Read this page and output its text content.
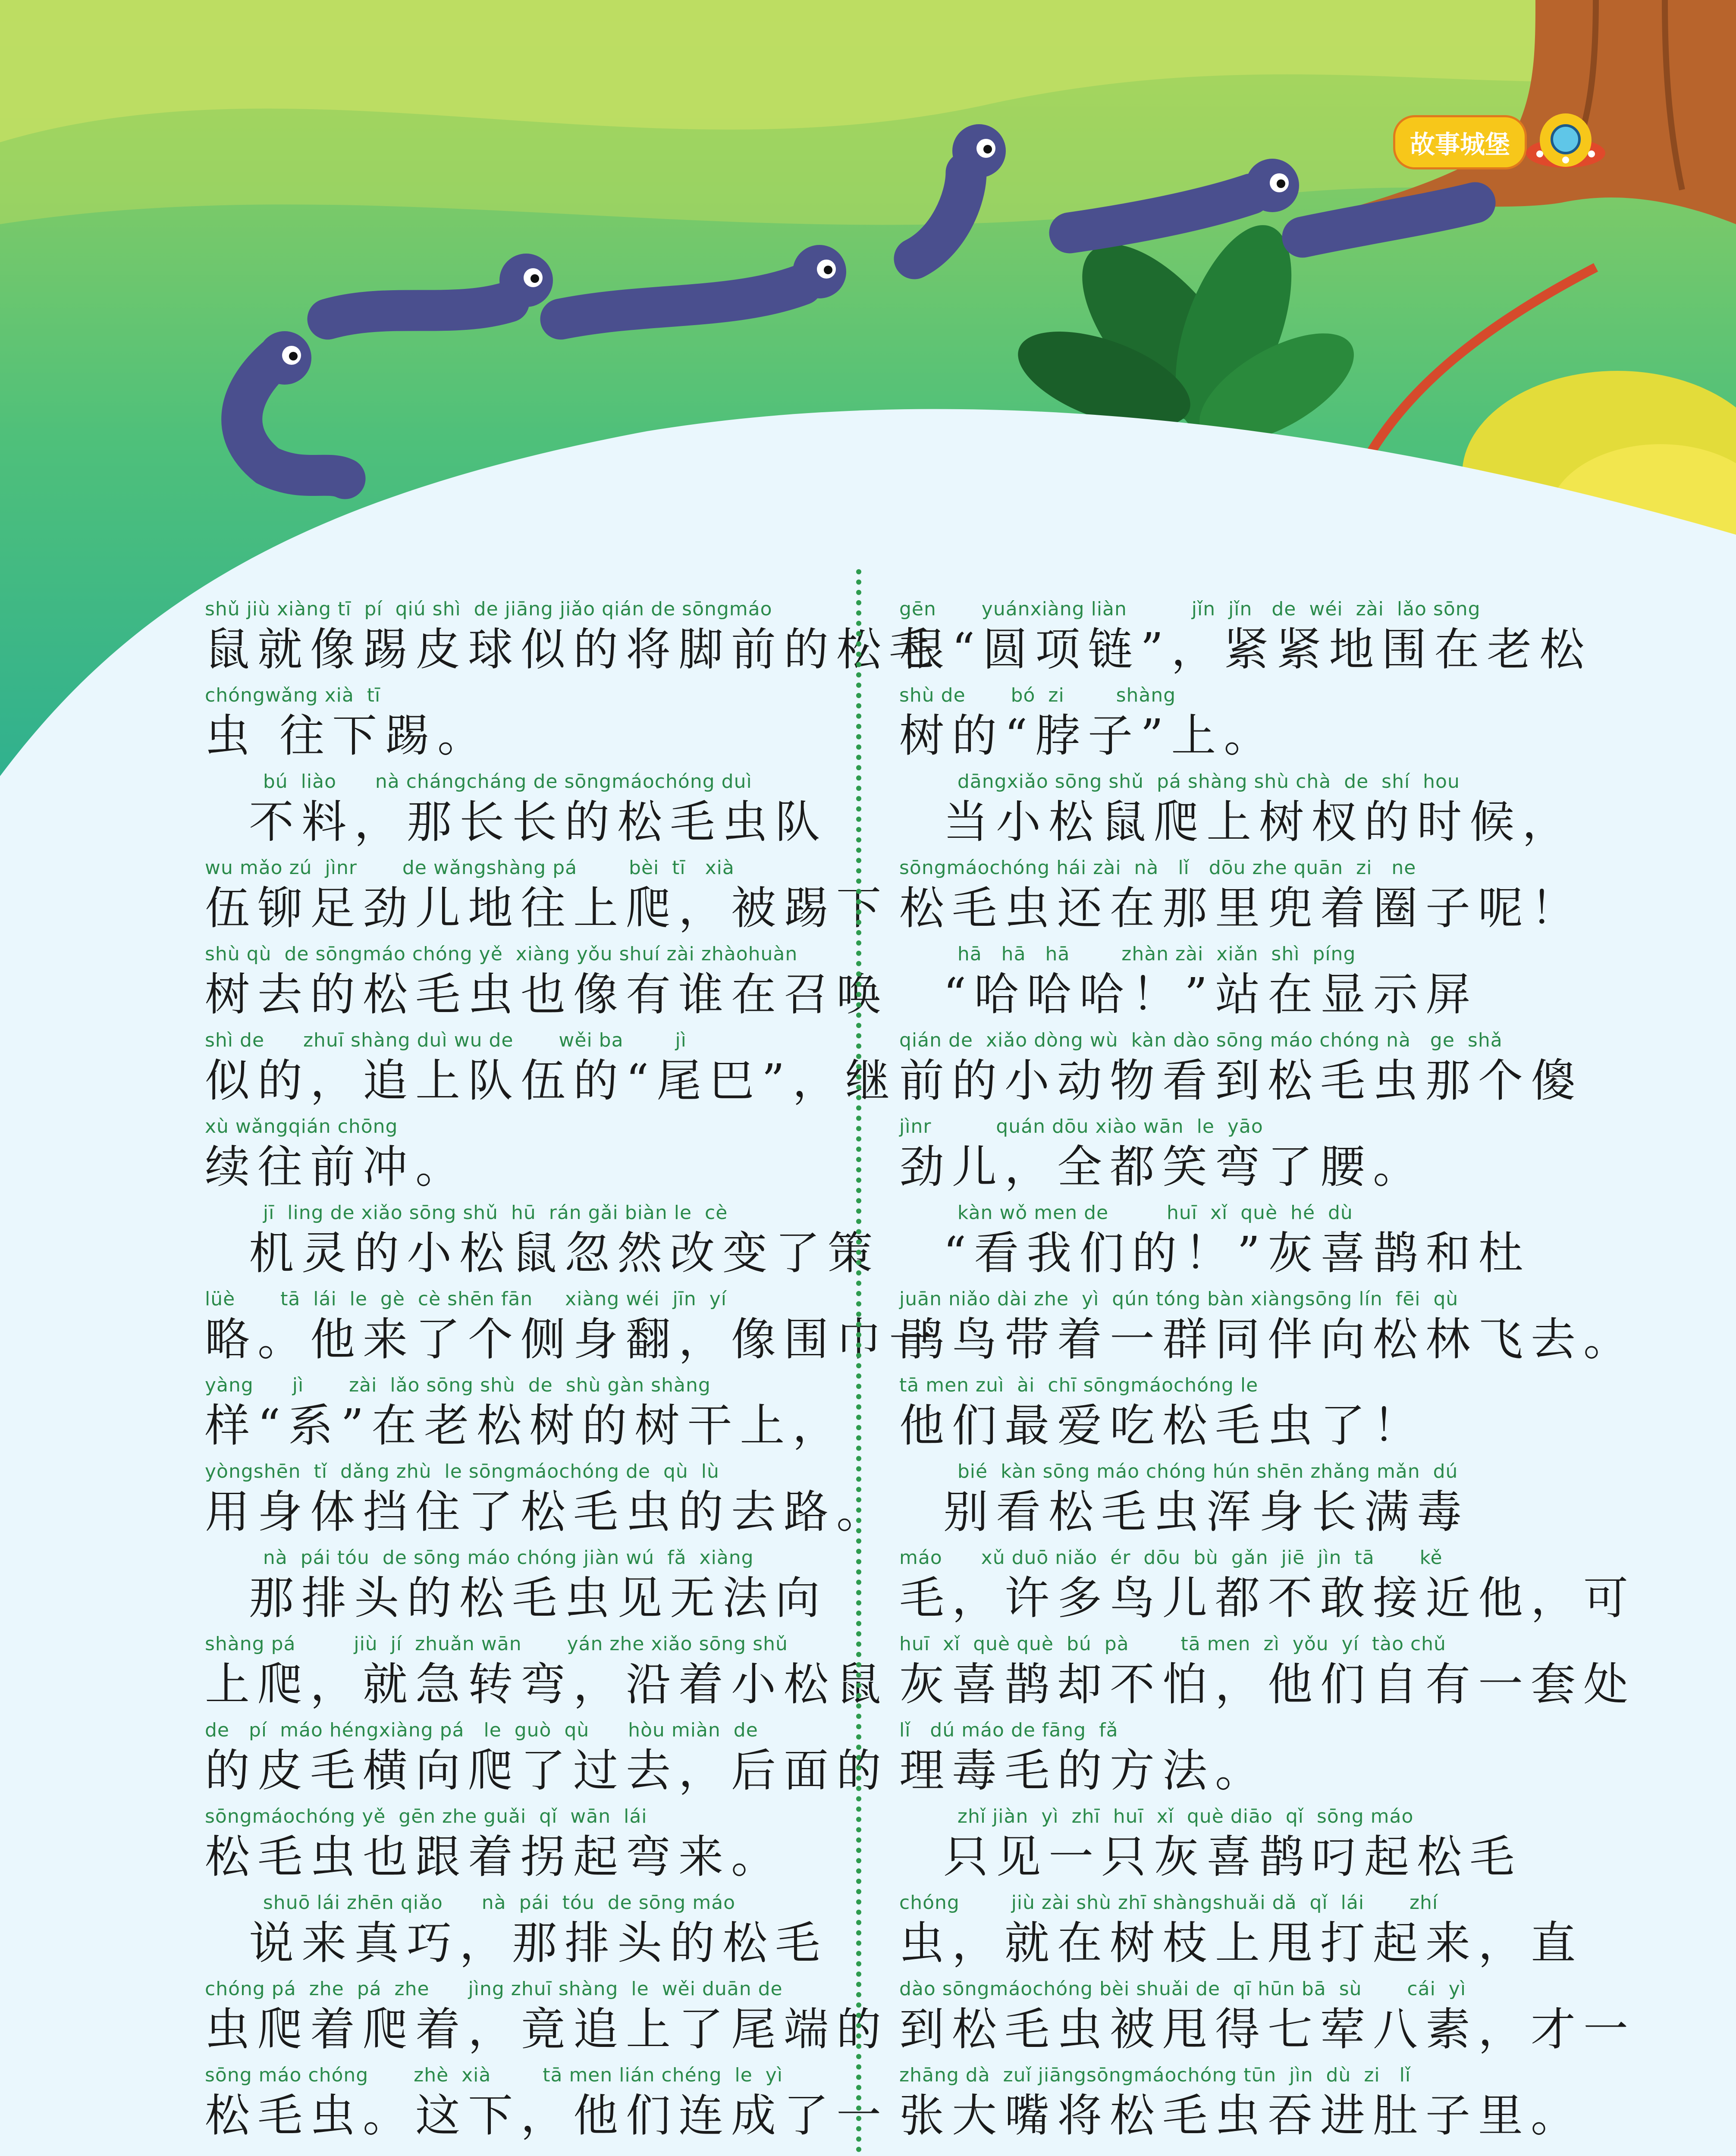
故事城堡
shǔ jiù xiàng tī  pí  qiú shì  de jiāng jiǎo qián de sōngmáo
鼠就像踢皮球似的将脚前的松毛
chóngwǎng xià  tī
虫 往下踢。
bú  liào      nà chángcháng de sōngmáochóng duì
不料，那长长的松毛虫队
wu mǎo zú  jìnr       de wǎngshàng pá        bèi  tī   xià
伍铆足劲儿地往上爬，被踢下
shù qù  de sōngmáo chóng yě  xiàng yǒu shuí zài zhàohuàn
树去的松毛虫也像有谁在召唤
shì de      zhuī shàng duì wu de       wěi ba        jì
似的，追上队伍的“尾巴”，继
xù wǎngqián chōng
续往前冲。
jī  ling de xiǎo sōng shǔ  hū  rán gǎi biàn le  cè
机灵的小松鼠忽然改变了策
lüè       tā  lái  le  gè  cè shēn fān     xiàng wéi  jīn  yí
略。他来了个侧身翻，像围巾一
yàng      jì       zài  lǎo sōng shù  de  shù gàn shàng
样“系”在老松树的树干上，
yòngshēn  tǐ  dǎng zhù  le sōngmáochóng de  qù  lù
用身体挡住了松毛虫的去路。
nà  pái tóu  de sōng máo chóng jiàn wú  fǎ  xiàng
那排头的松毛虫见无法向
shàng pá         jiù  jí  zhuǎn wān       yán zhe xiǎo sōng shǔ
上爬，就急转弯，沿着小松鼠
de   pí  máo héngxiàng pá   le  guò  qù      hòu miàn  de
的皮毛横向爬了过去，后面的
sōngmáochóng yě  gēn zhe guǎi  qǐ  wān  lái
松毛虫也跟着拐起弯来。
shuō lái zhēn qiǎo      nà  pái  tóu  de sōng máo
说来真巧，那排头的松毛
chóng pá  zhe  pá  zhe      jìng zhuī shàng  le  wěi duān de
虫爬着爬着，竟追上了尾端的
sōng máo chóng       zhè  xià        tā men lián chéng  le  yì
松毛虫。这下，他们连成了一
gēn       yuánxiàng liàn          jǐn  jǐn   de  wéi  zài  lǎo sōng
根“圆项链”，紧紧地围在老松
shù de       bó  zi        shàng
树的“脖子”上。
dāngxiǎo sōng shǔ  pá shàng shù chà  de  shí  hou
当小松鼠爬上树杈的时候，
sōngmáochóng hái zài  nà   lǐ   dōu zhe quān  zi   ne
松毛虫还在那里兜着圈子呢！
hā   hā   hā        zhàn zài  xiǎn  shì  píng
“哈哈哈！”站在显示屏
qián de  xiǎo dòng wù  kàn dào sōng máo chóng nà   ge  shǎ
前的小动物看到松毛虫那个傻
jìnr          quán dōu xiào wān  le  yāo
劲儿，全都笑弯了腰。
kàn wǒ men de         huī  xǐ  què  hé  dù
“看我们的！”灰喜鹊和杜
juān niǎo dài zhe  yì  qún tóng bàn xiàngsōng lín  fēi  qù
鹃鸟带着一群同伴向松林飞去。
tā men zuì  ài  chī sōngmáochóng le
他们最爱吃松毛虫了！
bié  kàn sōng máo chóng hún shēn zhǎng mǎn  dú
别看松毛虫浑身长满毒
máo      xǔ duō niǎo  ér  dōu  bù  gǎn  jiē  jìn  tā       kě
毛，许多鸟儿都不敢接近他，可
huī  xǐ  què què  bú  pà        tā men  zì  yǒu  yí  tào chǔ
灰喜鹊却不怕，他们自有一套处
lǐ   dú máo de fāng  fǎ
理毒毛的方法。
zhǐ jiàn  yì  zhī  huī  xǐ  què diāo  qǐ  sōng máo
只见一只灰喜鹊叼起松毛
chóng        jiù zài shù zhī shàngshuǎi dǎ  qǐ  lái       zhí
虫，就在树枝上甩打起来，直
dào sōngmáochóng bèi shuǎi de  qī hūn bā  sù       cái  yì
到松毛虫被甩得七荤八素，才一
zhāng dà  zuǐ jiāngsōngmáochóng tūn  jìn  dù  zi   lǐ
张大嘴将松毛虫吞进肚子里。
